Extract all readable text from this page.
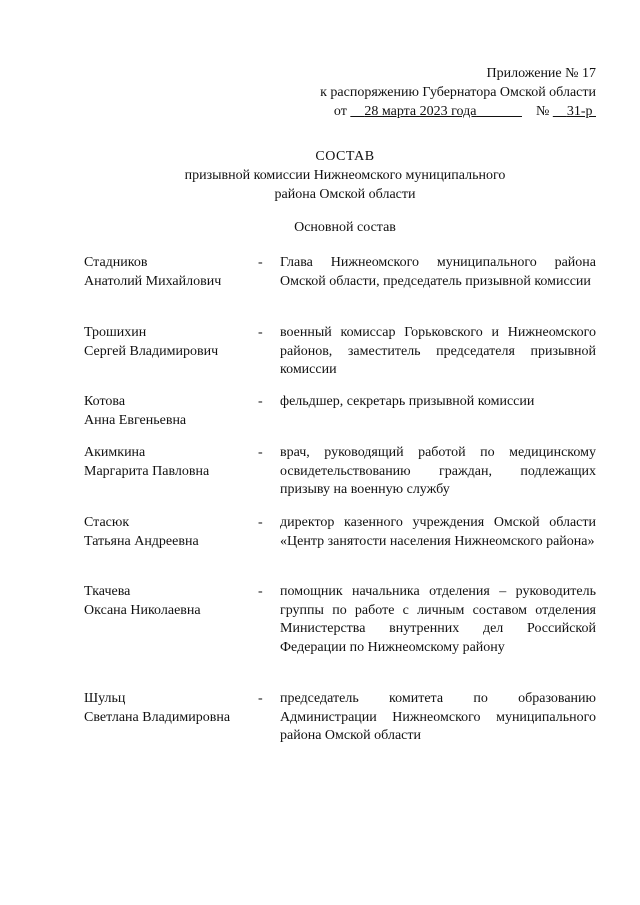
Приложение № 17
к распоряжению Губернатора Омской области
от 28 марта 2023 года	№ 31-р
СОСТАВ
призывной комиссии Нижнеомского муниципального
района Омской области
Основной состав
Стадников
Анатолий Михайлович
- Глава Нижнеомского муниципального района Омской области, председатель призывной комиссии
Трошихин
Сергей Владимирович
- военный комиссар Горьковского и Нижнеомского районов, заместитель председателя призывной комиссии
Котова
Анна Евгеньевна
- фельдшер, секретарь призывной комиссии
Акимкина
Маргарита Павловна
- врач, руководящий работой по медицинскому освидетельствованию граждан, подлежащих призыву на военную службу
Стасюк
Татьяна Андреевна
- директор казенного учреждения Омской области «Центр занятости населения Нижнеомского района»
Ткачева
Оксана Николаевна
- помощник начальника отделения – руководитель группы по работе с личным составом отделения Министерства внутренних дел Российской Федерации по Нижнеомскому району
Шульц
Светлана Владимировна
- председатель комитета по образованию Администрации Нижнеомского муниципального района Омской области
